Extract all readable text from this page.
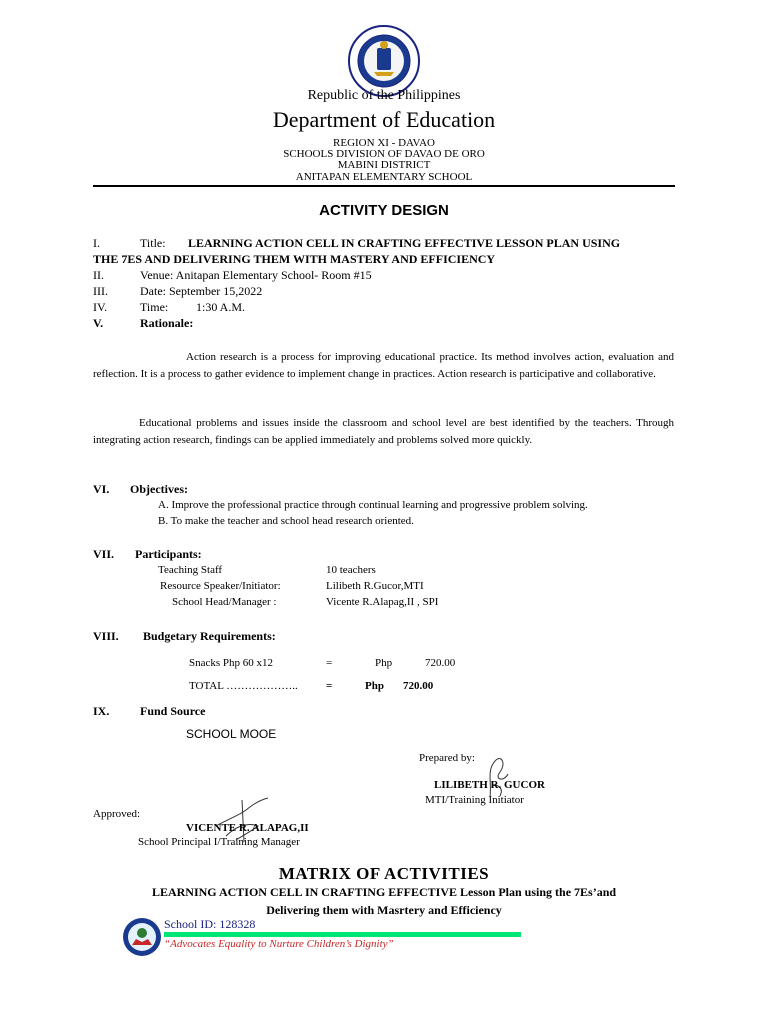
Republic of the Philippines
Department of Education
REGION XI - DAVAO
SCHOOLS DIVISION OF DAVAO DE ORO
MABINI DISTRICT
ANITAPAN ELEMENTARY SCHOOL
ACTIVITY DESIGN
I.	Title: LEARNING ACTION CELL IN CRAFTING EFFECTIVE LESSON PLAN USING
THE 7ES AND DELIVERING THEM WITH MASTERY AND EFFICIENCY
II.	Venue: Anitapan Elementary School- Room #15
III.	Date: September 15,2022
IV.	Time: 1:30 A.M.
V.	Rationale:
Action research is a process for improving educational practice. Its method involves action, evaluation and reflection. It is a process to gather evidence to implement change in practices. Action research is participative and collaborative.
Educational problems and issues inside the classroom and school level are best identified by the teachers. Through integrating action research, findings can be applied immediately and problems solved more quickly.
VI. Objectives:
A. Improve the professional practice through continual learning and progressive problem solving.
B. To make the teacher and school head research oriented.
VII. Participants:
Teaching Staff	10 teachers
Resource Speaker/Initiator:	Lilibeth R.Gucor,MTI
School Head/Manager :	Vicente R.Alapag,II , SPI
VIII. Budgetary Requirements:
Snacks Php 60 x12	=	Php	720.00
TOTAL ………………..	=	Php 720.00
IX.	Fund Source
SCHOOL MOOE
Prepared by:
LILIBETH R. GUCOR
MTI/Training Initiator
Approved:
VICENTE R. ALAPAG,II
School Principal I/Training Manager
MATRIX OF ACTIVITIES
LEARNING ACTION CELL IN CRAFTING EFFECTIVE Lesson Plan using the 7Es’and
Delivering them with Masrtery and Efficiency
School ID: 128328
“Advocates Equality to Nurture Children’s Dignity”
